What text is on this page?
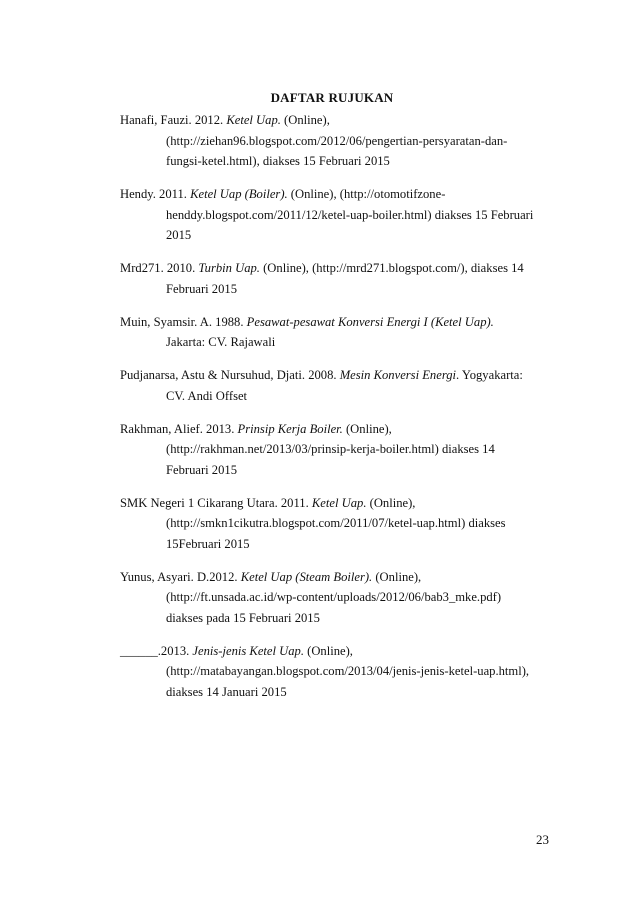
DAFTAR RUJUKAN
Hanafi, Fauzi. 2012. Ketel Uap. (Online),
(http://ziehan96.blogspot.com/2012/06/pengertian-persyaratan-dan-
fungsi-ketel.html), diakses 15 Februari 2015
Hendy. 2011. Ketel Uap (Boiler). (Online), (http://otomotifzone-
henddy.blogspot.com/2011/12/ketel-uap-boiler.html) diakses 15 Februari
2015
Mrd271. 2010. Turbin Uap. (Online), (http://mrd271.blogspot.com/), diakses 14
Februari 2015
Muin, Syamsir. A. 1988. Pesawat-pesawat Konversi Energi I (Ketel Uap).
Jakarta: CV. Rajawali
Pudjanarsa, Astu & Nursuhud, Djati. 2008. Mesin Konversi Energi. Yogyakarta:
CV. Andi Offset
Rakhman, Alief. 2013. Prinsip Kerja Boiler. (Online),
(http://rakhman.net/2013/03/prinsip-kerja-boiler.html) diakses 14
Februari 2015
SMK Negeri 1 Cikarang Utara. 2011. Ketel Uap. (Online),
(http://smkn1cikutra.blogspot.com/2011/07/ketel-uap.html) diakses
15Februari 2015
Yunus, Asyari. D.2012. Ketel Uap (Steam Boiler). (Online),
(http://ft.unsada.ac.id/wp-content/uploads/2012/06/bab3_mke.pdf)
diakses pada 15 Februari 2015
______.2013. Jenis-jenis Ketel Uap. (Online),
(http://matabayangan.blogspot.com/2013/04/jenis-jenis-ketel-uap.html),
diakses 14 Januari 2015
23
